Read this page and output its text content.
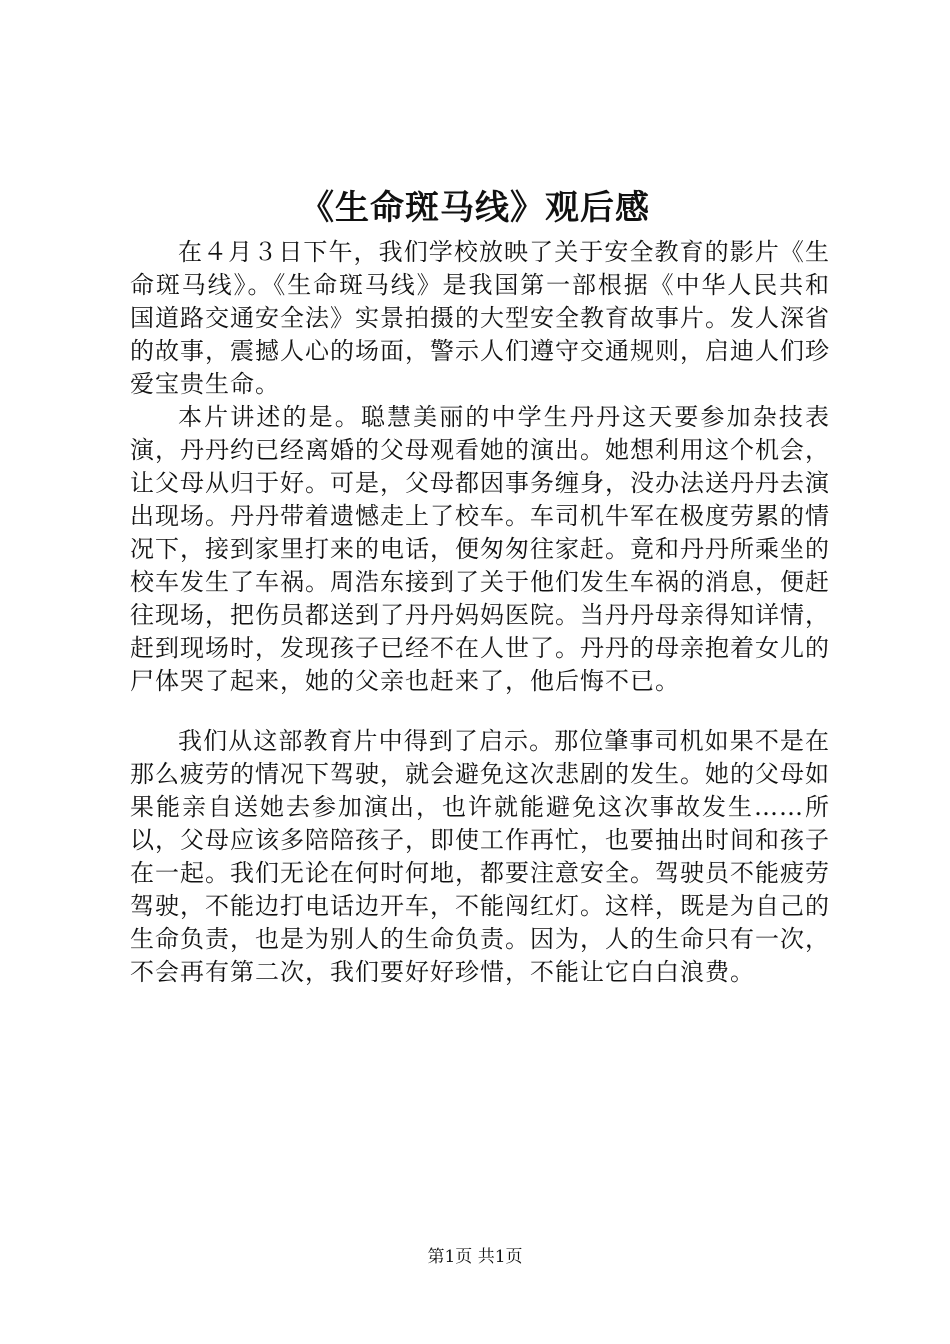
《生命斑马线》观后感

在４月３日下午，我们学校放映了关于安全教育的影片《生命斑马线》。《生命斑马线》是我国第一部根据《中华人民共和国道路交通安全法》实景拍摄的大型安全教育故事片。发人深省的故事，震撼人心的场面，警示人们遵守交通规则，启迪人们珍爱宝贵生命。

本片讲述的是。聪慧美丽的中学生丹丹这天要参加杂技表演，丹丹约已经离婚的父母观看她的演出。她想利用这个机会，让父母从归于好。可是，父母都因事务缠身，没办法送丹丹去演出现场。丹丹带着遗憾走上了校车。车司机牛军在极度劳累的情况下，接到家里打来的电话，便匆匆往家赶。竟和丹丹所乘坐的校车发生了车祸。周浩东接到了关于他们发生车祸的消息，便赶往现场，把伤员都送到了丹丹妈妈医院。当丹丹母亲得知详情，赶到现场时，发现孩子已经不在人世了。丹丹的母亲抱着女儿的尸体哭了起来，她的父亲也赶来了，他后悔不已。

我们从这部教育片中得到了启示。那位肇事司机如果不是在那么疲劳的情况下驾驶，就会避免这次悲剧的发生。她的父母如果能亲自送她去参加演出，也许就能避免这次事故发生……所以，父母应该多陪陪孩子，即使工作再忙，也要抽出时间和孩子在一起。我们无论在何时何地，都要注意安全。驾驶员不能疲劳驾驶，不能边打电话边开车，不能闯红灯。这样，既是为自己的生命负责，也是为别人的生命负责。因为，人的生命只有一次，不会再有第二次，我们要好好珍惜，不能让它白白浪费。

第1页 共1页
